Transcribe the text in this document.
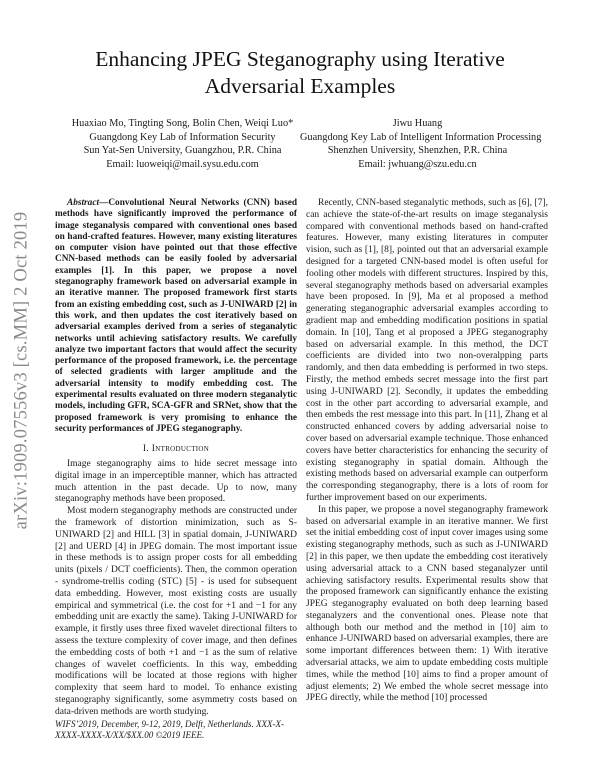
arXiv:1909.07556v3 [cs.MM] 2 Oct 2019
Enhancing JPEG Steganography using Iterative Adversarial Examples
Huaxiao Mo, Tingting Song, Bolin Chen, Weiqi Luo*
Guangdong Key Lab of Information Security
Sun Yat-Sen University, Guangzhou, P.R. China
Email: luoweiqi@mail.sysu.edu.com
Jiwu Huang
Guangdong Key Lab of Intelligent Information Processing
Shenzhen University, Shenzhen, P.R. China
Email: jwhuang@szu.edu.cn

Abstract—Convolutional Neural Networks (CNN) based methods have significantly improved the performance of image steganalysis compared with conventional ones based on hand-crafted features. However, many existing literatures on computer vision have pointed out that those effective CNN-based methods can be easily fooled by adversarial examples [1]. In this paper, we propose a novel steganography framework based on adversarial example in an iterative manner. The proposed framework first starts from an existing embedding cost, such as J-UNIWARD [2] in this work, and then updates the cost iteratively based on adversarial examples derived from a series of steganalytic networks until achieving satisfactory results. We carefully analyze two important factors that would affect the security performance of the proposed framework, i.e. the percentage of selected gradients with larger amplitude and the adversarial intensity to modify embedding cost. The experimental results evaluated on three modern steganalytic models, including GFR, SCA-GFR and SRNet, show that the proposed framework is very promising to enhance the security performances of JPEG steganography.

I. Introduction

Image steganography aims to hide secret message into digital image in an imperceptible manner, which has attracted much attention in the past decade. Up to now, many steganography methods have been proposed.

Most modern steganography methods are constructed under the framework of distortion minimization, such as S-UNIWARD [2] and HILL [3] in spatial domain, J-UNIWARD [2] and UERD [4] in JPEG domain. The most important issue in these methods is to assign proper costs for all embedding units (pixels / DCT coefficients). Then, the common operation - syndrome-trellis coding (STC) [5] - is used for subsequent data embedding. However, most existing costs are usually empirical and symmetrical (i.e. the cost for +1 and −1 for any embedding unit are exactly the same). Taking J-UNIWARD for example, it firstly uses three fixed wavelet directional filters to assess the texture complexity of cover image, and then defines the embedding costs of both +1 and −1 as the sum of relative changes of wavelet coefficients. In this way, embedding modifications will be located at those regions with higher complexity that seem hard to model. To enhance existing steganography significantly, some asymmetry costs based on data-driven methods are worth studying.

WIFS’2019, December, 9-12, 2019, Delft, Netherlands. XXX-X-XXXX-XXXX-X/XX/$XX.00 ©2019 IEEE.

Recently, CNN-based steganalytic methods, such as [6], [7], can achieve the state-of-the-art results on image steganalysis compared with conventional methods based on hand-crafted features. However, many existing literatures in computer vision, such as [1], [8], pointed out that an adversarial example designed for a targeted CNN-based model is often useful for fooling other models with different structures. Inspired by this, several steganography methods based on adversarial examples have been proposed. In [9], Ma et al proposed a method generating steganographic adversarial examples according to gradient map and embedding modification positions in spatial domain. In [10], Tang et al proposed a JPEG steganography based on adversarial example. In this method, the DCT coefficients are divided into two non-overalpping parts randomly, and then data embedding is performed in two steps. Firstly, the method embeds secret message into the first part using J-UNIWARD [2]. Secondly, it updates the embedding cost in the other part according to adversarial example, and then embeds the rest message into this part. In [11], Zhang et al constructed enhanced covers by adding adversarial noise to cover based on adversarial example technique. Those enhanced covers have better characteristics for enhancing the security of existing steganography in spatial domain. Although the existing methods based on adversarial example can outperform the corresponding steganography, there is a lots of room for further improvement based on our experiments.

In this paper, we propose a novel steganography framework based on adversarial example in an iterative manner. We first set the initial embedding cost of input cover images using some existing steganography methods, such as such as J-UNIWARD [2] in this paper, we then update the embedding cost iteratively using adversarial attack to a CNN based steganalyzer until achieving satisfactory results. Experimental results show that the proposed framework can significantly enhance the existing JPEG steganography evaluated on both deep learning based steganalyzers and the conventional ones. Please note that although both our method and the method in [10] aim to enhance J-UNIWARD based on adversarial examples, there are some important differences between them: 1) With iterative adversarial attacks, we aim to update embedding costs multiple times, while the method [10] aims to find a proper amount of adjust elements; 2) We embed the whole secret message into JPEG directly, while the method [10] processed
